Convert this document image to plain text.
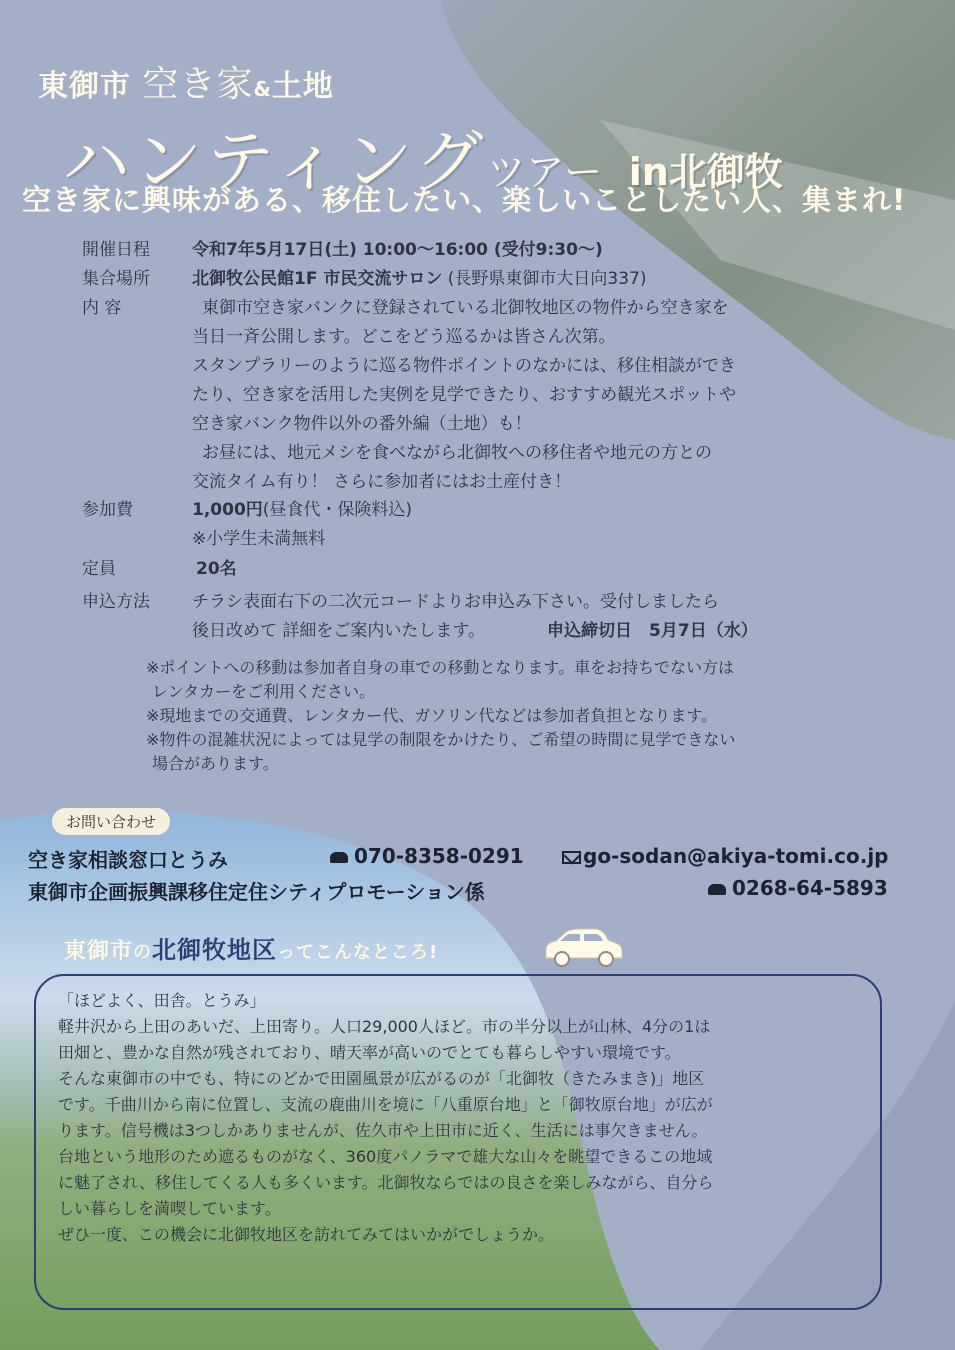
東御市 空き家&土地
ハンティングツアー in北御牧
空き家に興味がある、移住したい、楽しいことしたい人、集まれ!
開催日程 令和7年5月17日(土) 10:00～16:00 (受付9:30～)
集合場所 北御牧公民館1F 市民交流サロン (長野県東御市大日向337)
内 容	東御市空き家バンクに登録されている北御牧地区の物件から空き家を
当日一斉公開します。どこをどう巡るかは皆さん次第。
スタンプラリーのように巡る物件ポイントのなかには、移住相談ができ
たり、空き家を活用した実例を見学できたり、おすすめ観光スポットや
空き家バンク物件以外の番外編（土地）も！
お昼には、地元メシを食べながら北御牧への移住者や地元の方との
交流タイム有り！ さらに参加者にはお土産付き！
参加費	1,000円(昼食代・保険料込)
※小学生未満無料
定員	20名
申込方法 チラシ表面右下の二次元コードよりお申込み下さい。受付しましたら
後日改めて 詳細をご案内いたします。	申込締切日　5月7日（水）
※ポイントへの移動は参加者自身の車での移動となります。車をお持ちでない方は
レンタカーをご利用ください。
※現地までの交通費、レンタカー代、ガソリン代などは参加者負担となります。
※物件の混雑状況によっては見学の制限をかけたり、ご希望の時間に見学できない
場合があります。
お問い合わせ
空き家相談窓口とうみ	070-8358-0291	go-sodan@akiya-tomi.co.jp
東御市企画振興課移住定住シティプロモーション係	0268-64-5893
東御市の北御牧地区ってこんなところ!
「ほどよく、田舎。とうみ」
軽井沢から上田のあいだ、上田寄り。人口29,000人ほど。市の半分以上が山林、4分の1は
田畑と、豊かな自然が残されており、晴天率が高いのでとても暮らしやすい環境です。
そんな東御市の中でも、特にのどかで田園風景が広がるのが「北御牧（きたみまき)」地区
です。千曲川から南に位置し、支流の鹿曲川を境に「八重原台地」と「御牧原台地」が広が
ります。信号機は3つしかありませんが、佐久市や上田市に近く、生活には事欠きません。
台地という地形のため遮るものがなく、360度パノラマで雄大な山々を眺望できるこの地域
に魅了され、移住してくる人も多くいます。北御牧ならではの良さを楽しみながら、自分ら
しい暮らしを満喫しています。
ぜひ一度、この機会に北御牧地区を訪れてみてはいかがでしょうか。
